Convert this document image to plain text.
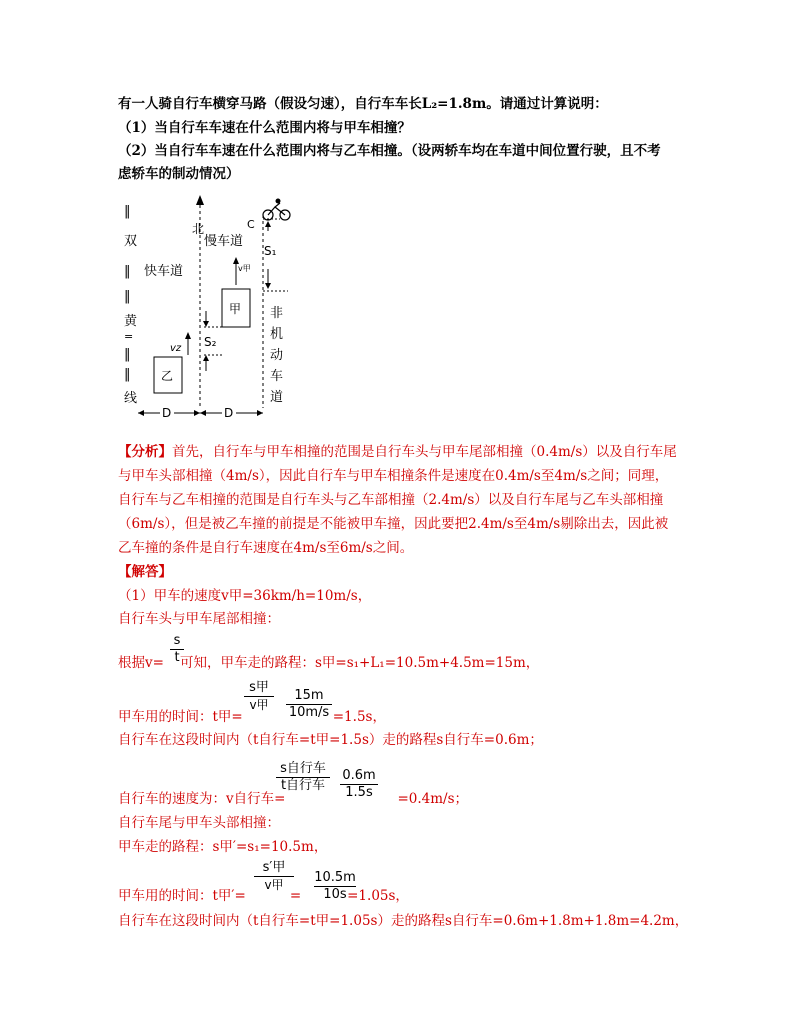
有一人骑自行车横穿马路（假设匀速），自行车车长L₂=1.8m。请通过计算说明：
（1）当自行车车速在什么范围内将与甲车相撞？
（2）当自行车车速在什么范围内将与乙车相撞。（设两轿车均在车道中间位置行驶，且不考
虑轿车的制动情况）
‖
双
‖
‖
黄
=
‖
‖
线
快车道
北
慢车道
C
S₁
非
机
动
车
道
v甲
甲
S₂
vz
乙
D	D
【分析】首先，自行车与甲车相撞的范围是自行车头与甲车尾部相撞（0.4m/s）以及自行车尾
与甲车头部相撞（4m/s），因此自行车与甲车相撞条件是速度在0.4m/s至4m/s之间；同理，
自行车与乙车相撞的范围是自行车头与乙车部相撞（2.4m/s）以及自行车尾与乙车头部相撞
（6m/s），但是被乙车撞的前提是不能被甲车撞，因此要把2.4m/s至4m/s剔除出去，因此被
乙车撞的条件是自行车速度在4m/s至6m/s之间。
【解答】
（1）甲车的速度v甲=36km/h=10m/s，
自行车头与甲车尾部相撞：
s
t
根据v= 可知，甲车走的路程：s甲=s₁+L₁=10.5m+4.5m=15m，
s甲
v甲
15m
10m/s
甲车用的时间：t甲=	=1.5s，
自行车在这段时间内（t自行车=t甲=1.5s）走的路程s自行车=0.6m；
s自行车
t自行车
0.6m
1.5s
自行车的速度为：v自行车=	=0.4m/s；
自行车尾与甲车头部相撞：
甲车走的路程：s甲′=s₁=10.5m，
s′甲
v甲	10.5m
10s
甲车用的时间：t甲′=	=	=1.05s，
自行车在这段时间内（t自行车=t甲=1.05s）走的路程s自行车=0.6m+1.8m+1.8m=4.2m，
